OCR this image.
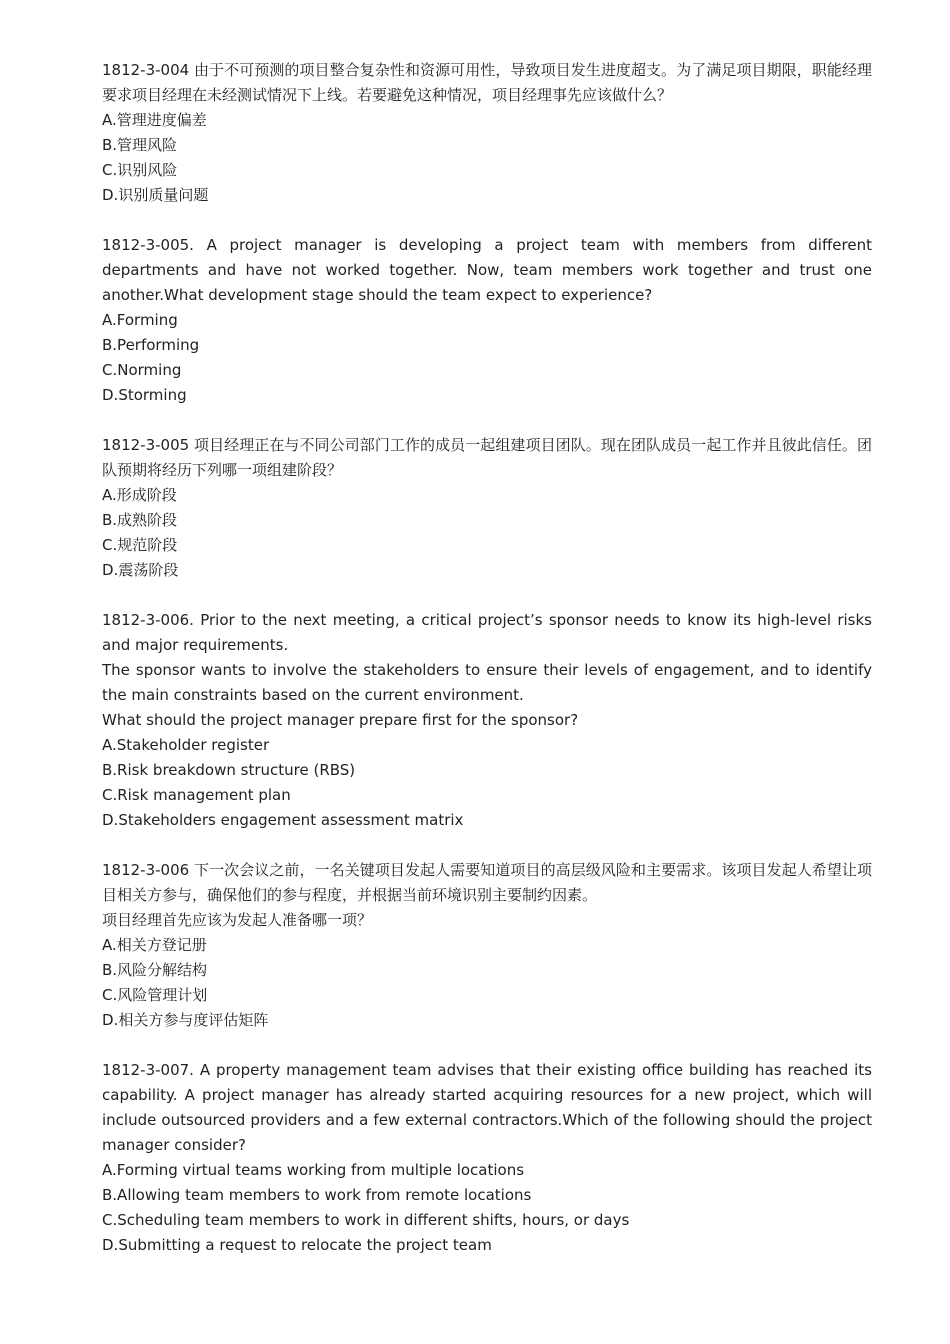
1812-3-004 由于不可预测的项目整合复杂性和资源可用性，导致项目发生进度超支。为了满足项目期限，职能经理要求项目经理在未经测试情况下上线。若要避免这种情况，项目经理事先应该做什么？
A.管理进度偏差
B.管理风险
C.识别风险
D.识别质量问题
1812-3-005. A project manager is developing a project team with members from different departments and have not worked together. Now, team members work together and trust one another.What development stage should the team expect to experience?
A.Forming
B.Performing
C.Norming
D.Storming
1812-3-005 项目经理正在与不同公司部门工作的成员一起组建项目团队。现在团队成员一起工作并且彼此信任。团队预期将经历下列哪一项组建阶段？
A.形成阶段
B.成熟阶段
C.规范阶段
D.震荡阶段
1812-3-006. Prior to the next meeting, a critical project’s sponsor needs to know its high-level risks and major requirements.
The sponsor wants to involve the stakeholders to ensure their levels of engagement, and to identify the main constraints based on the current environment.
What should the project manager prepare first for the sponsor?
A.Stakeholder register
B.Risk breakdown structure (RBS)
C.Risk management plan
D.Stakeholders engagement assessment matrix
1812-3-006 下一次会议之前，一名关键项目发起人需要知道项目的高层级风险和主要需求。该项目发起人希望让项目相关方参与，确保他们的参与程度，并根据当前环境识别主要制约因素。
项目经理首先应该为发起人准备哪一项？
A.相关方登记册
B.风险分解结构
C.风险管理计划
D.相关方参与度评估矩阵
1812-3-007. A property management team advises that their existing office building has reached its capability. A project manager has already started acquiring resources for a new project, which will include outsourced providers and a few external contractors.Which of the following should the project manager consider?
A.Forming virtual teams working from multiple locations
B.Allowing team members to work from remote locations
C.Scheduling team members to work in different shifts, hours, or days
D.Submitting a request to relocate the project team
